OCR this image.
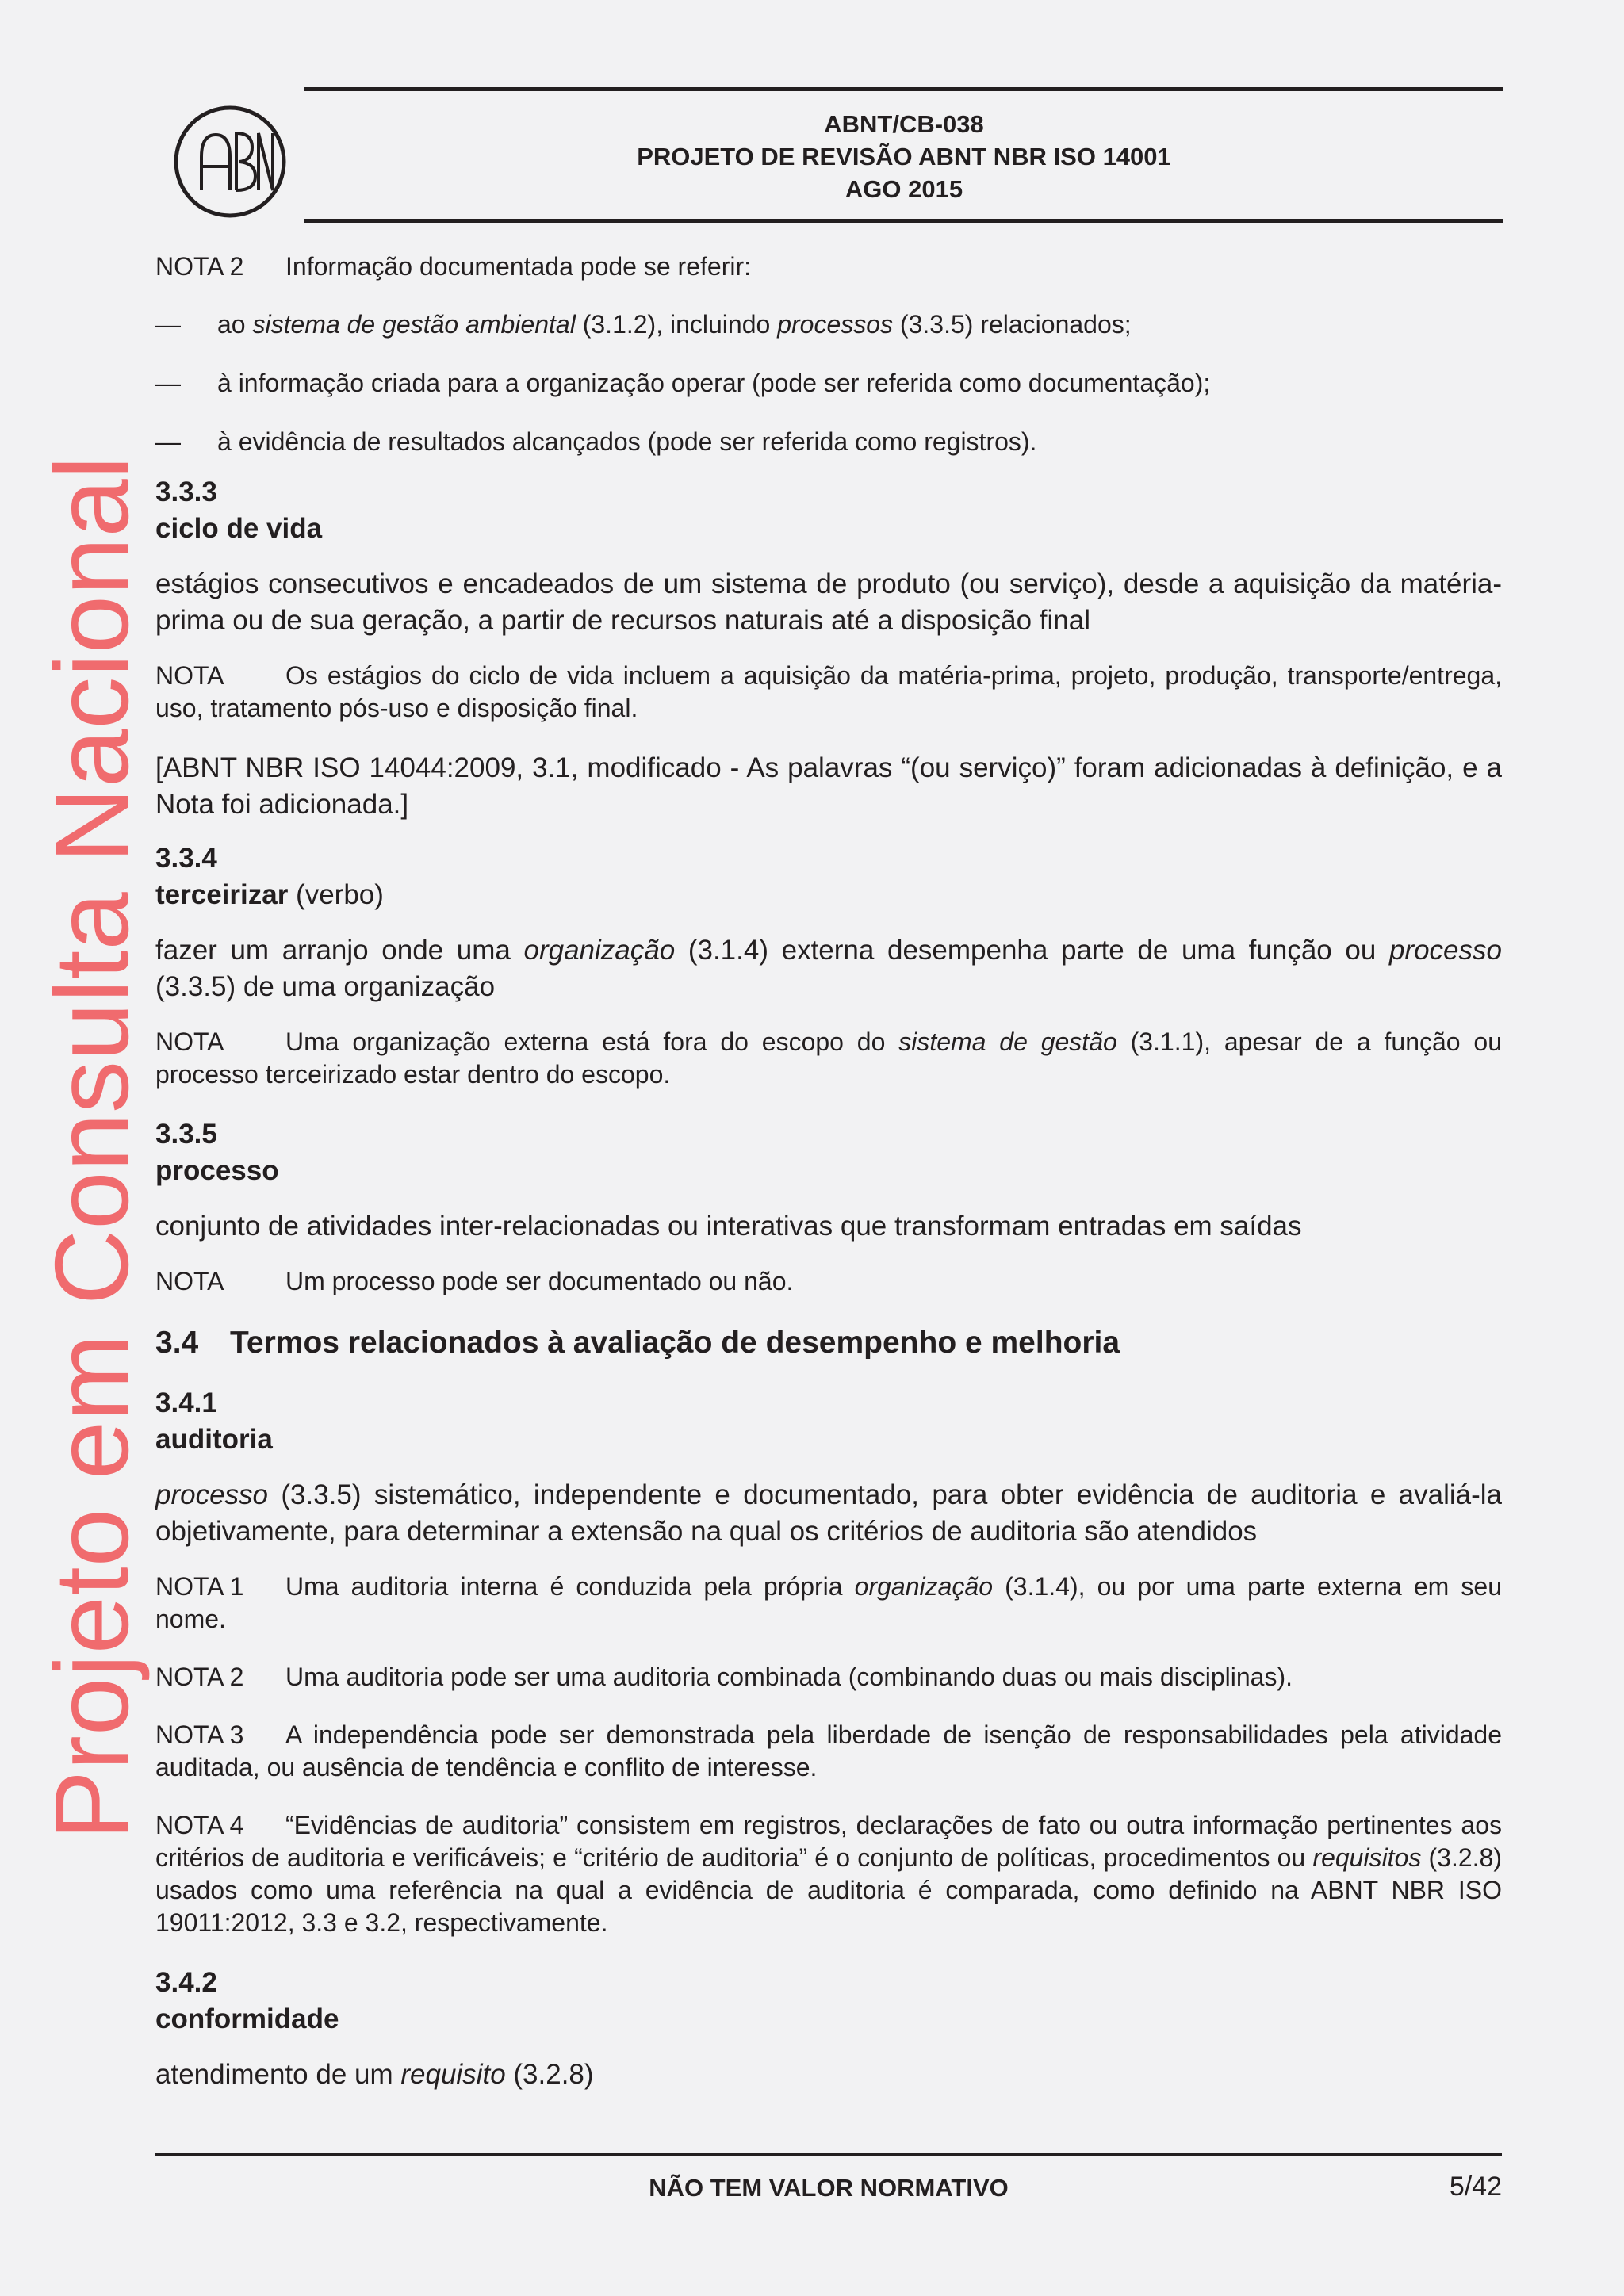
ABNT/CB-038
PROJETO DE REVISÃO ABNT NBR ISO 14001
AGO 2015
Projeto em Consulta Nacional

NOTA 2 Informação documentada pode se referir:

— ao sistema de gestão ambiental (3.1.2), incluindo processos (3.3.5) relacionados;
— à informação criada para a organização operar (pode ser referida como documentação);
— à evidência de resultados alcançados (pode ser referida como registros).

3.3.3

ciclo de vida

estágios consecutivos e encadeados de um sistema de produto (ou serviço), desde a aquisição da matéria-prima ou de sua geração, a partir de recursos naturais até a disposição final

NOTA Os estágios do ciclo de vida incluem a aquisição da matéria-prima, projeto, produção, transporte/entrega, uso, tratamento pós-uso e disposição final.

[ABNT NBR ISO 14044:2009, 3.1, modificado - As palavras “(ou serviço)” foram adicionadas à definição, e a Nota foi adicionada.]

3.3.4

terceirizar (verbo)

fazer um arranjo onde uma organização (3.1.4) externa desempenha parte de uma função ou processo (3.3.5) de uma organização

NOTA Uma organização externa está fora do escopo do sistema de gestão (3.1.1), apesar de a função ou processo terceirizado estar dentro do escopo.

3.3.5

processo

conjunto de atividades inter-relacionadas ou interativas que transformam entradas em saídas

NOTA Um processo pode ser documentado ou não.

3.4 Termos relacionados à avaliação de desempenho e melhoria

3.4.1

auditoria

processo (3.3.5) sistemático, independente e documentado, para obter evidência de auditoria e avaliá-la objetivamente, para determinar a extensão na qual os critérios de auditoria são atendidos

NOTA 1 Uma auditoria interna é conduzida pela própria organização (3.1.4), ou por uma parte externa em seu nome.

NOTA 2 Uma auditoria pode ser uma auditoria combinada (combinando duas ou mais disciplinas).

NOTA 3 A independência pode ser demonstrada pela liberdade de isenção de responsabilidades pela atividade auditada, ou ausência de tendência e conflito de interesse.

NOTA 4 “Evidências de auditoria” consistem em registros, declarações de fato ou outra informação pertinentes aos critérios de auditoria e verificáveis; e “critério de auditoria” é o conjunto de políticas, procedimentos ou requisitos (3.2.8) usados como uma referência na qual a evidência de auditoria é comparada, como definido na ABNT NBR ISO 19011:2012, 3.3 e 3.2, respectivamente.

3.4.2

conformidade

atendimento de um requisito (3.2.8)

NÃO TEM VALOR NORMATIVO	5/42
